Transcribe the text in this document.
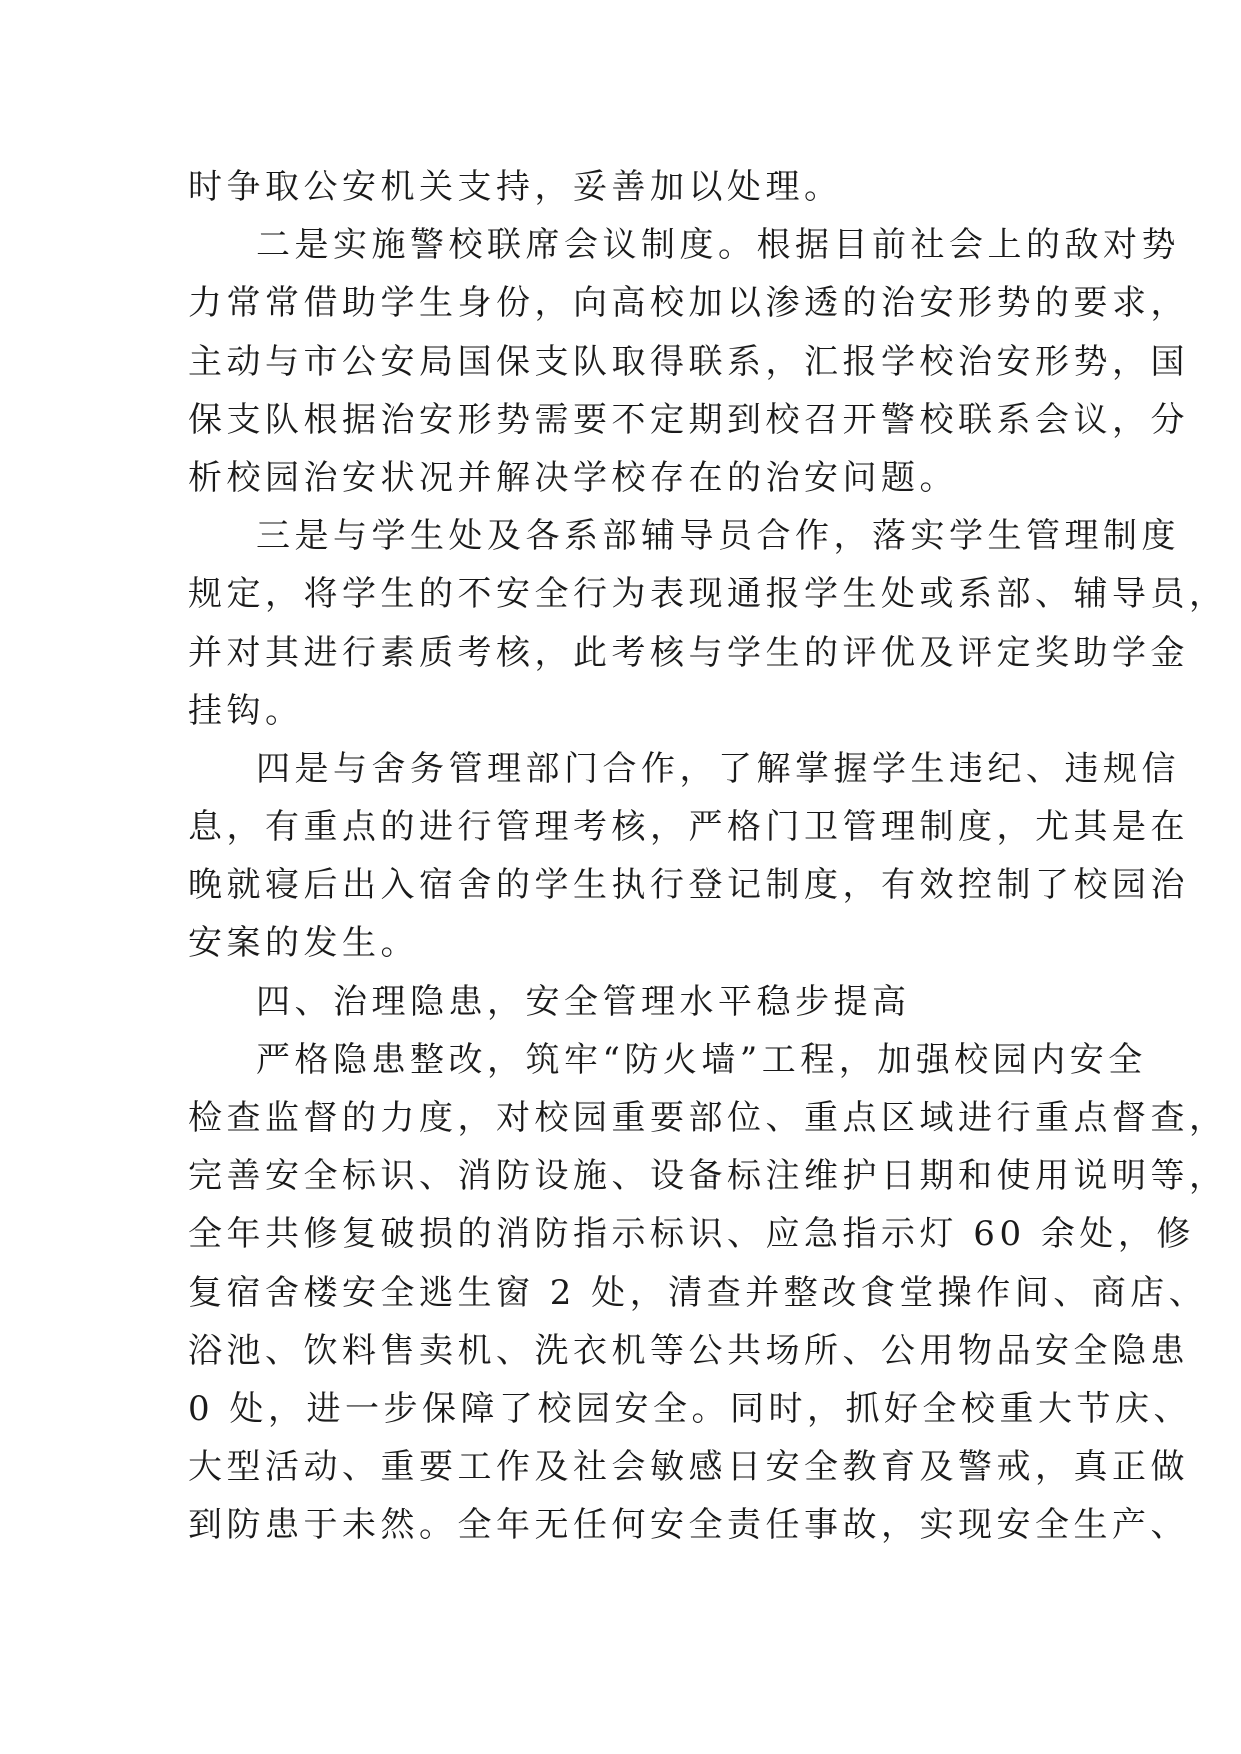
时争取公安机关支持，妥善加以处理。
二是实施警校联席会议制度。根据目前社会上的敌对势
力常常借助学生身份，向高校加以渗透的治安形势的要求，
主动与市公安局国保支队取得联系，汇报学校治安形势，国
保支队根据治安形势需要不定期到校召开警校联系会议，分
析校园治安状况并解决学校存在的治安问题。
三是与学生处及各系部辅导员合作，落实学生管理制度
规定，将学生的不安全行为表现通报学生处或系部、辅导员，
并对其进行素质考核，此考核与学生的评优及评定奖助学金
挂钩。
四是与舍务管理部门合作，了解掌握学生违纪、违规信
息，有重点的进行管理考核，严格门卫管理制度，尤其是在
晚就寝后出入宿舍的学生执行登记制度，有效控制了校园治
安案的发生。
四、治理隐患，安全管理水平稳步提高
严格隐患整改，筑牢“防火墙”工程，加强校园内安全
检查监督的力度，对校园重要部位、重点区域进行重点督查，
完善安全标识、消防设施、设备标注维护日期和使用说明等，
全年共修复破损的消防指示标识、应急指示灯 60 余处，修
复宿舍楼安全逃生窗 2 处，清查并整改食堂操作间、商店、
浴池、饮料售卖机、洗衣机等公共场所、公用物品安全隐患
0 处，进一步保障了校园安全。同时，抓好全校重大节庆、
大型活动、重要工作及社会敏感日安全教育及警戒，真正做
到防患于未然。全年无任何安全责任事故，实现安全生产、
